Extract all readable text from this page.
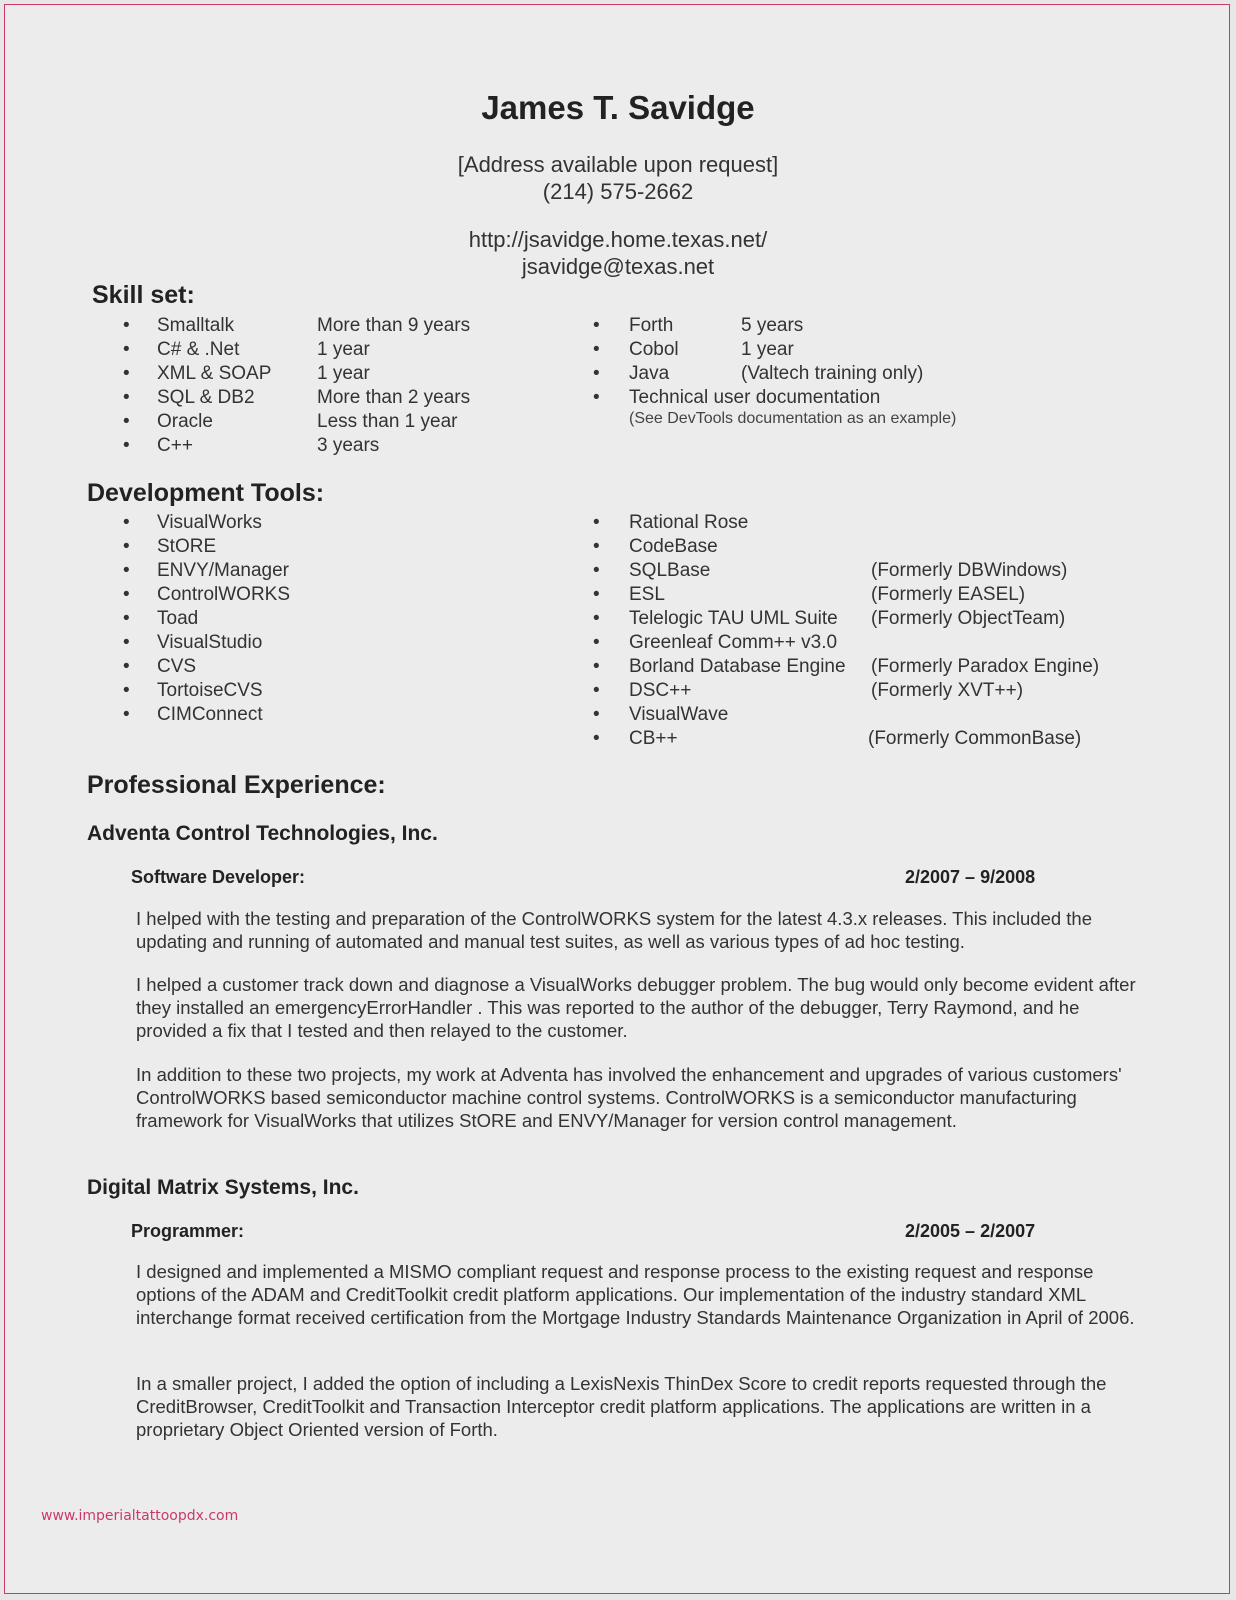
James T. Savidge
[Address available upon request]
(214) 575-2662
http://jsavidge.home.texas.net/
jsavidge@texas.net
Skill set:
• Smalltalk	More than 9 years
• C# & .Net	1 year
• XML & SOAP 1 year
• SQL & DB2	More than 2 years
• Oracle	Less than 1 year
• C++	3 years
• Forth	5 years
• Cobol	1 year
• Java	(Valtech training only)
• Technical user documentation
(See DevTools documentation as an example)
Development Tools:
• VisualWorks
• StORE
• ENVY/Manager
• ControlWORKS
• Toad
• VisualStudio
• CVS
• TortoiseCVS
• CIMConnect
• Rational Rose
• CodeBase
• SQLBase	(Formerly DBWindows)
• ESL	(Formerly EASEL)
• Telelogic TAU UML Suite (Formerly ObjectTeam)
• Greenleaf Comm++ v3.0
• Borland Database Engine (Formerly Paradox Engine)
• DSC++	(Formerly XVT++)
• VisualWave
• CB++	(Formerly CommonBase)
Professional Experience:
Adventa Control Technologies, Inc.
Software Developer:	2/2007 – 9/2008
I helped with the testing and preparation of the ControlWORKS system for the latest 4.3.x releases. This included the updating and running of automated and manual test suites, as well as various types of ad hoc testing.
I helped a customer track down and diagnose a VisualWorks debugger problem. The bug would only become evident after they installed an emergencyErrorHandler . This was reported to the author of the debugger, Terry Raymond, and he provided a fix that I tested and then relayed to the customer.
In addition to these two projects, my work at Adventa has involved the enhancement and upgrades of various customers' ControlWORKS based semiconductor machine control systems. ControlWORKS is a semiconductor manufacturing framework for VisualWorks that utilizes StORE and ENVY/Manager for version control management.
Digital Matrix Systems, Inc.
Programmer:	2/2005 – 2/2007
I designed and implemented a MISMO compliant request and response process to the existing request and response options of the ADAM and CreditToolkit credit platform applications. Our implementation of the industry standard XML interchange format received certification from the Mortgage Industry Standards Maintenance Organization in April of 2006.
In a smaller project, I added the option of including a LexisNexis ThinDex Score to credit reports requested through the CreditBrowser, CreditToolkit and Transaction Interceptor credit platform applications. The applications are written in a proprietary Object Oriented version of Forth.
www.imperialtattoopdx.com
